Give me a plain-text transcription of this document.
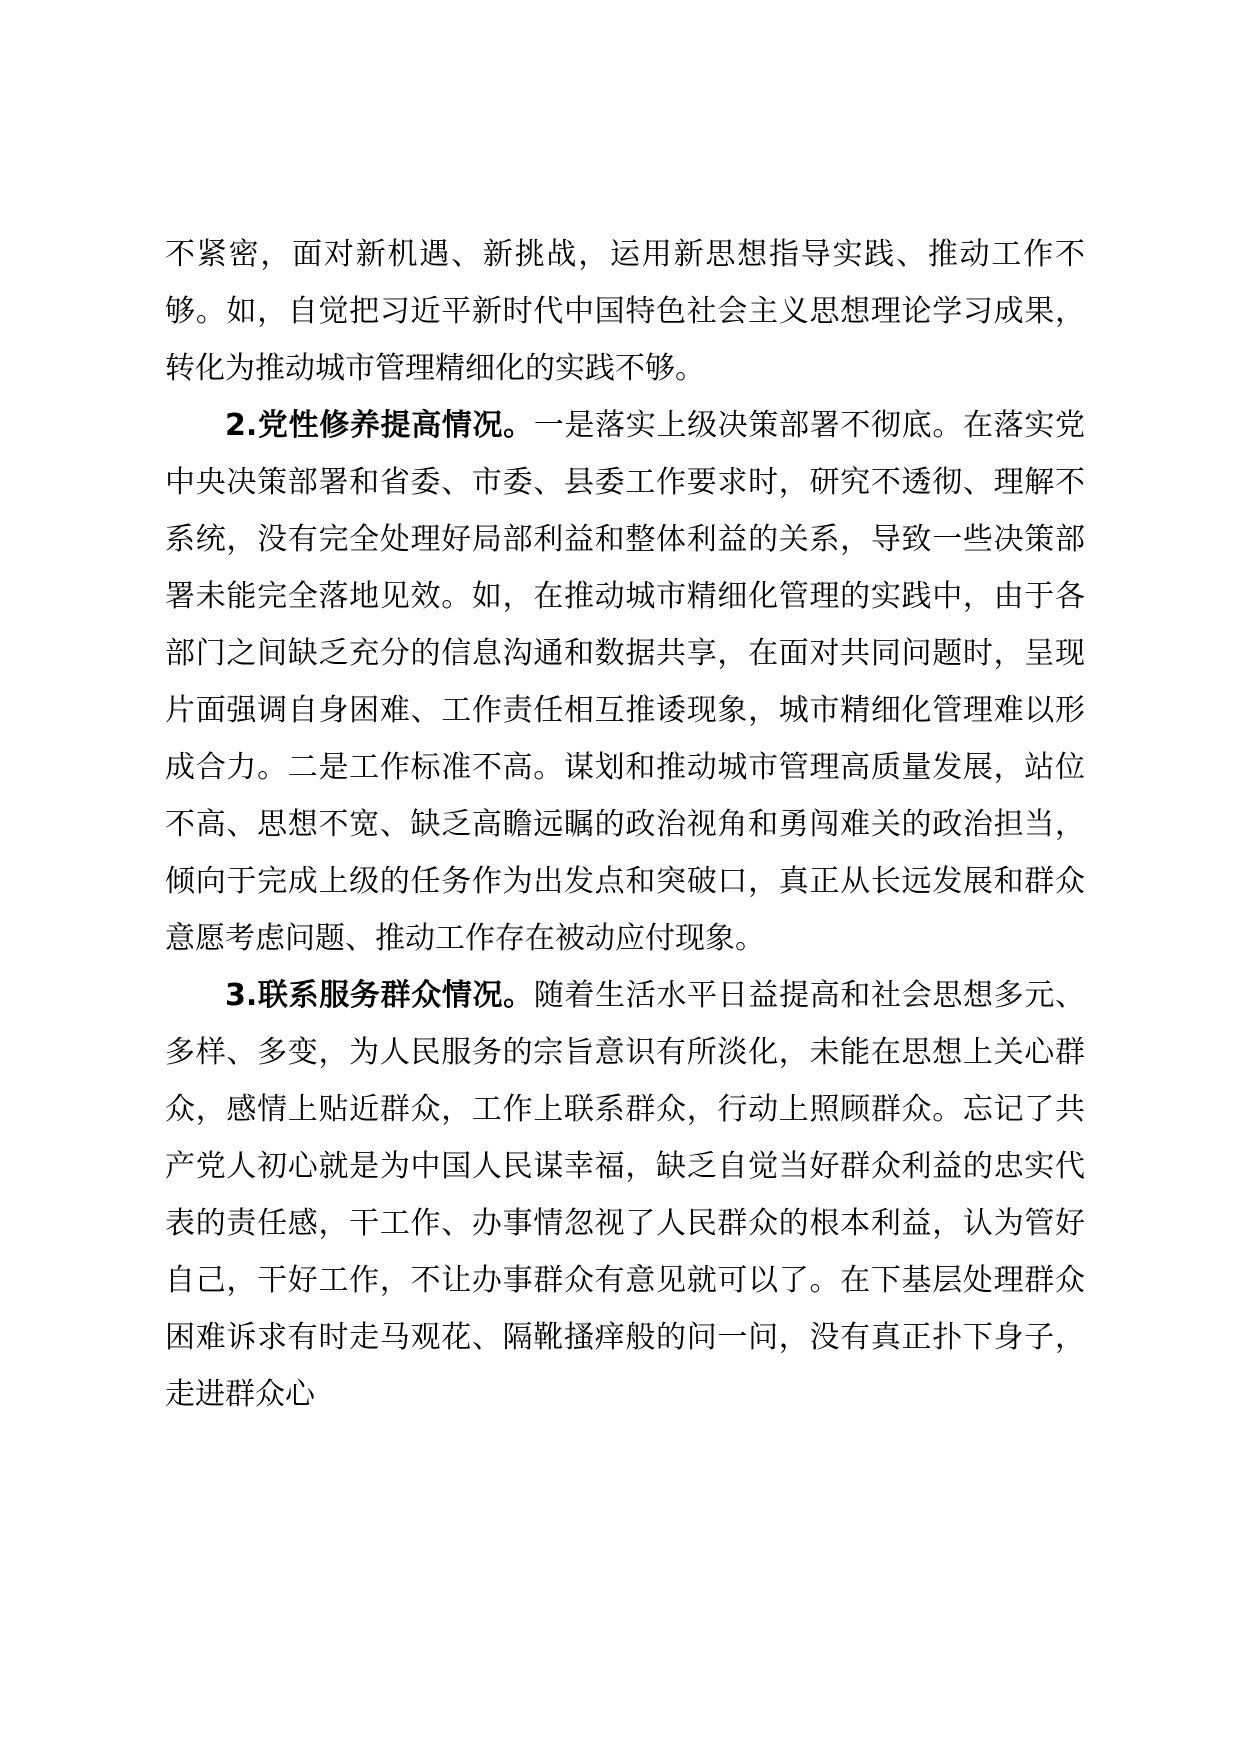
不紧密，面对新机遇、新挑战，运用新思想指导实践、推动工作不够。如，自觉把习近平新时代中国特色社会主义思想理论学习成果，转化为推动城市管理精细化的实践不够。

2.党性修养提高情况。一是落实上级决策部署不彻底。在落实党中央决策部署和省委、市委、县委工作要求时，研究不透彻、理解不系统，没有完全处理好局部利益和整体利益的关系，导致一些决策部署未能完全落地见效。如，在推动城市精细化管理的实践中，由于各部门之间缺乏充分的信息沟通和数据共享，在面对共同问题时，呈现片面强调自身困难、工作责任相互推诿现象，城市精细化管理难以形成合力。二是工作标准不高。谋划和推动城市管理高质量发展，站位不高、思想不宽、缺乏高瞻远瞩的政治视角和勇闯难关的政治担当，倾向于完成上级的任务作为出发点和突破口，真正从长远发展和群众意愿考虑问题、推动工作存在被动应付现象。

3.联系服务群众情况。随着生活水平日益提高和社会思想多元、多样、多变，为人民服务的宗旨意识有所淡化，未能在思想上关心群众，感情上贴近群众，工作上联系群众，行动上照顾群众。忘记了共产党人初心就是为中国人民谋幸福，缺乏自觉当好群众利益的忠实代表的责任感，干工作、办事情忽视了人民群众的根本利益，认为管好自己，干好工作，不让办事群众有意见就可以了。在下基层处理群众困难诉求有时走马观花、隔靴搔痒般的问一问，没有真正扑下身子，走进群众心
